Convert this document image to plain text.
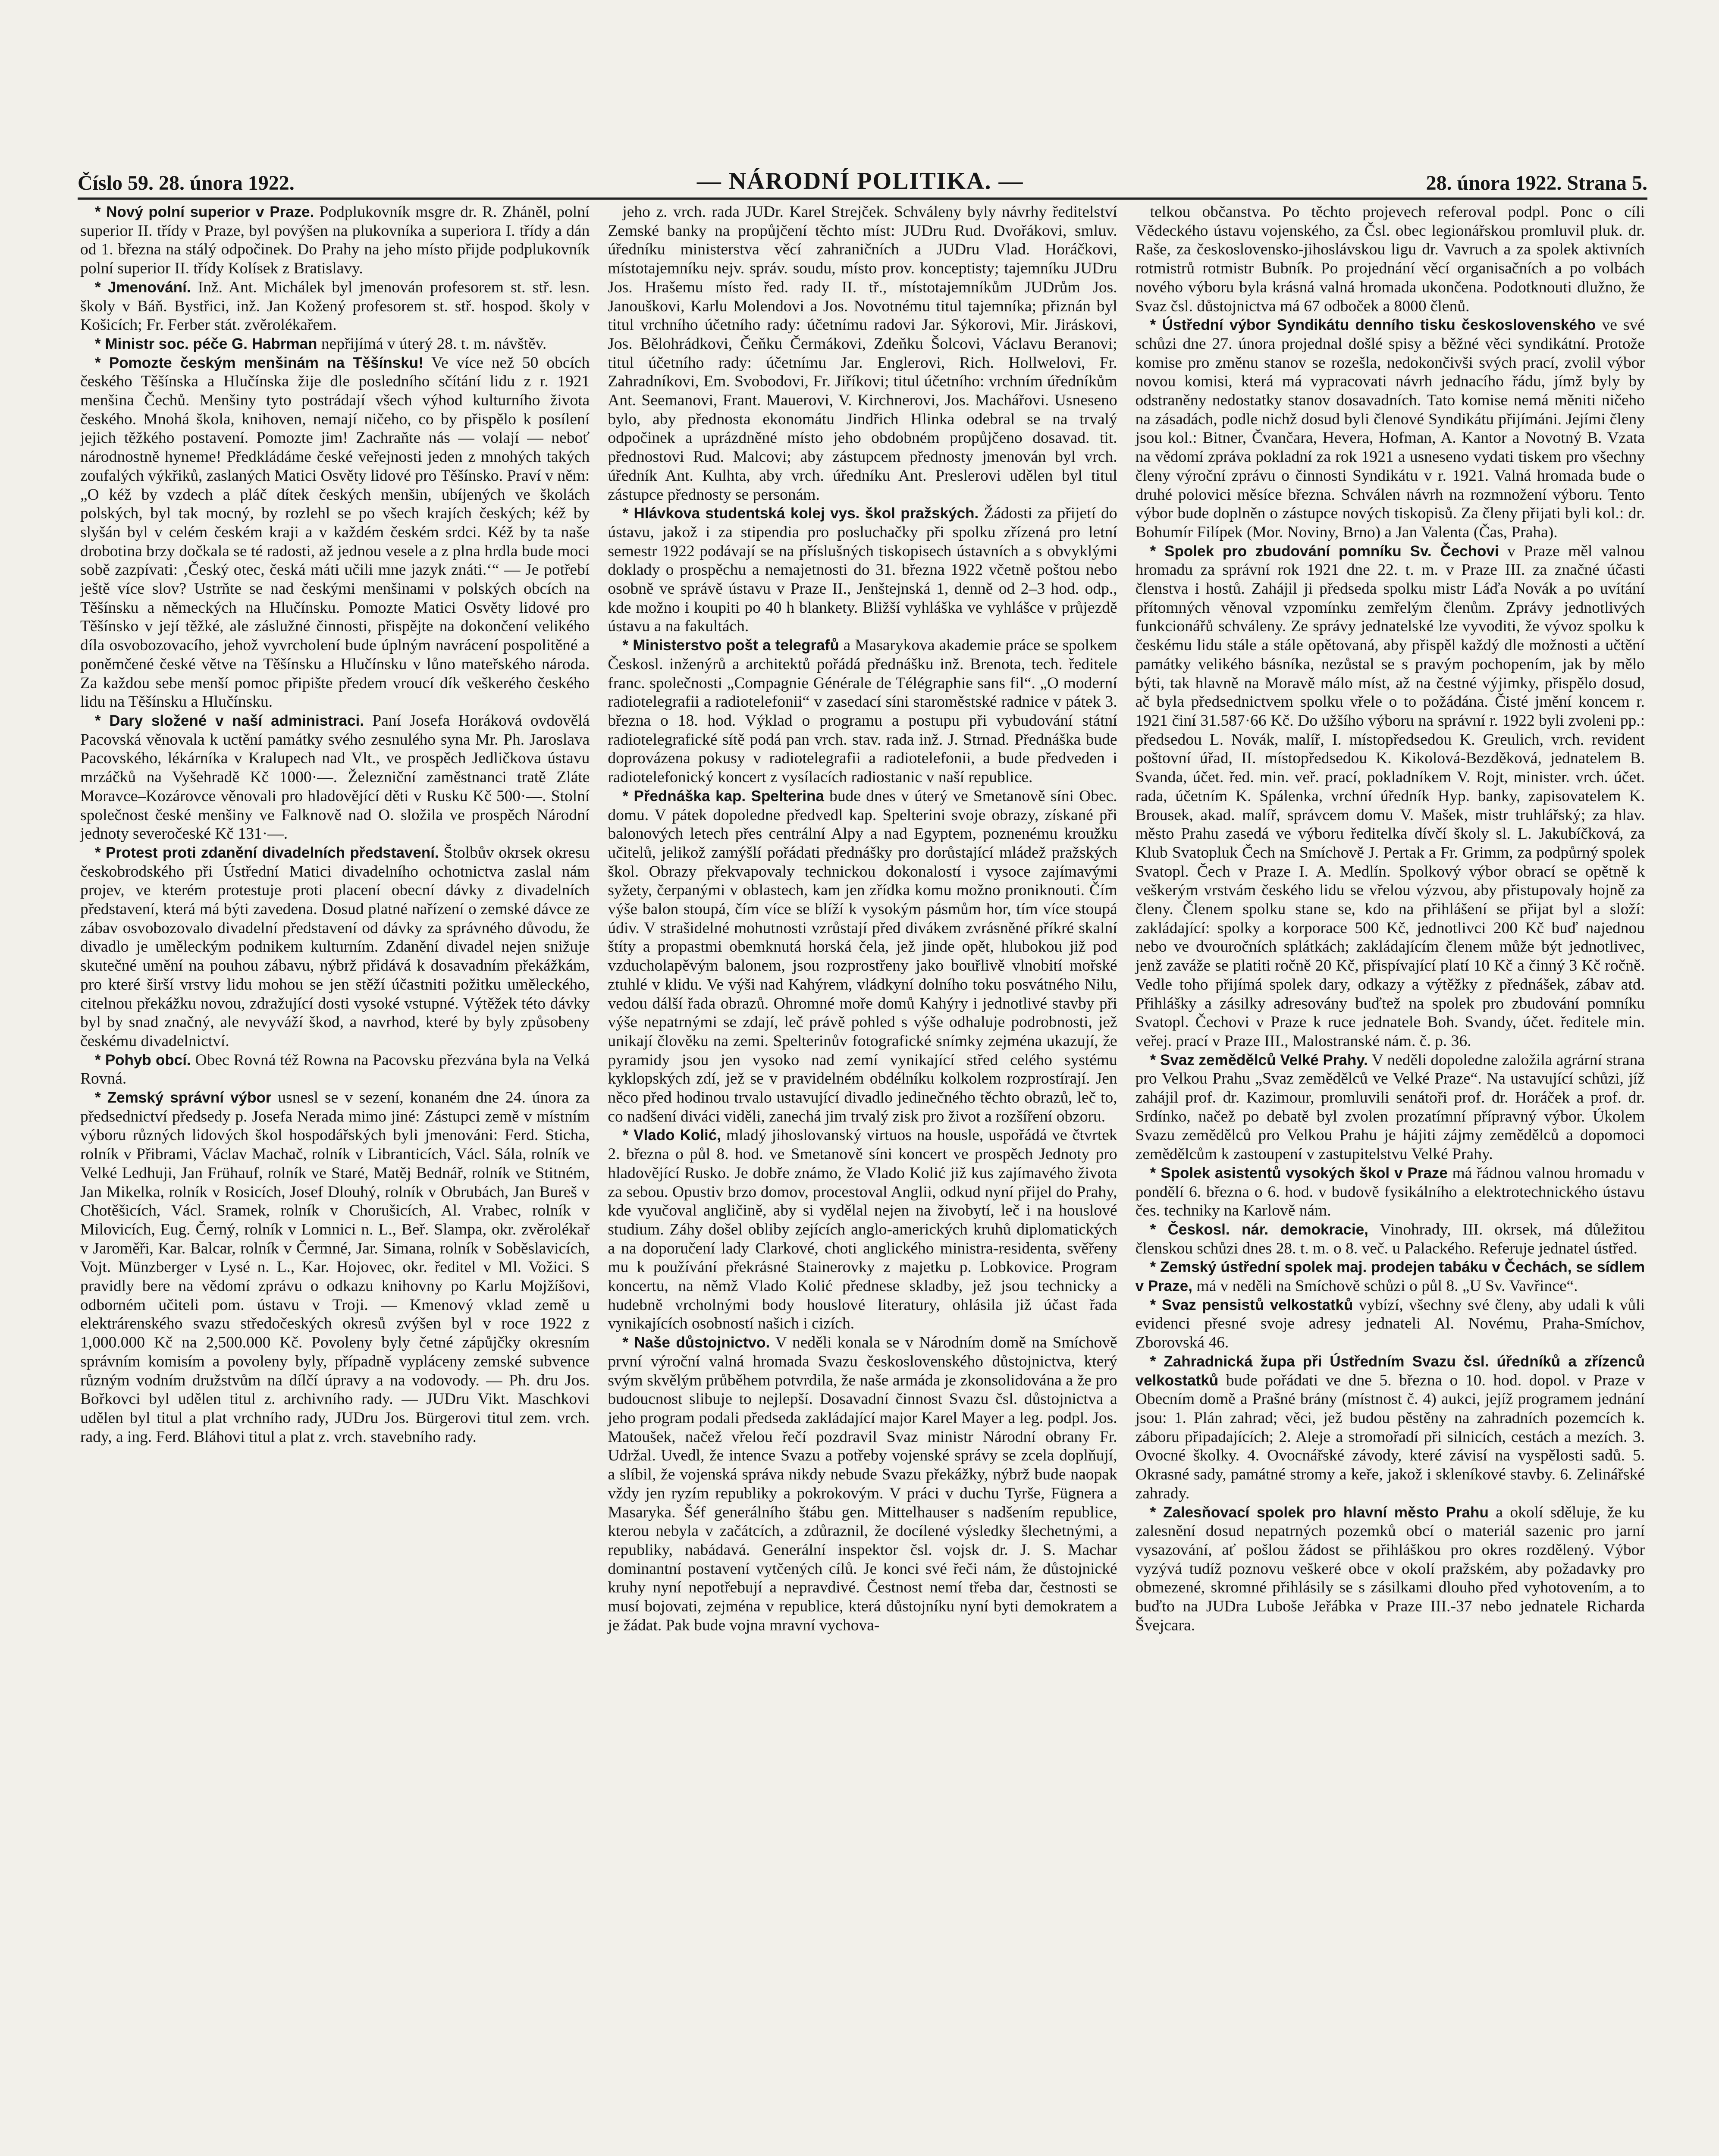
Číslo 59. 28. února 1922.	— NÁRODNÍ POLITIKA. —	28. února 1922. Strana 5.

* Nový polní superior v Praze. Podplukovník msgre dr. R. Zháněl, polní superior II. třídy v Praze, byl povýšen na plukovníka a superiora I. třídy a dán od 1. března na stálý odpočinek. Do Prahy na jeho místo přijde podplukovník polní superior II. třídy Kolísek z Bratislavy.

* Jmenování. Inž. Ant. Michálek byl jmenován profesorem st. stř. lesn. školy v Báň. Bystřici, inž. Jan Kožený profesorem st. stř. hospod. školy v Košicích; Fr. Ferber stát. zvěrolékařem.

* Ministr soc. péče G. Habrman nepřijímá v úterý 28. t. m. návštěv.

* Pomozte českým menšinám na Těšínsku! Ve více než 50 obcích českého Těšínska a Hlučínska žije dle posledního sčítání lidu z r. 1921 menšina Čechů. Menšiny tyto postrádají všech výhod kulturního života českého. Mnohá škola, knihoven, nemají ničeho, co by přispělo k posílení jejich těžkého postavení. Pomozte jim! Zachraňte nás — volají — neboť národnostně hyneme! Předkládáme české veřejnosti jeden z mnohých takých zoufalých výkřiků, zaslaných Matici Osvěty lidové pro Těšínsko. Praví v něm: „O kéž by vzdech a pláč dítek českých menšin, ubíjených ve školách polských, byl tak mocný, by rozlehl se po všech krajích českých; kéž by slyšán byl v celém českém kraji a v každém českém srdci. Kéž by ta naše drobotina brzy dočkala se té radosti, až jednou vesele a z plna hrdla bude moci sobě zazpívati: ‚Český otec, česká máti učili mne jazyk znáti.‘“ — Je potřebí ještě více slov? Ustrňte se nad českými menšinami v polských obcích na Těšínsku a německých na Hlučínsku. Pomozte Matici Osvěty lidové pro Těšínsko v její těžké, ale záslužné činnosti, přispějte na dokončení velikého díla osvobozovacího, jehož vyvrcholení bude úplným navrácení pospolitěné a poněmčené české větve na Těšínsku a Hlučínsku v lůno mateřského národa. Za každou sebe menší pomoc připište předem vroucí dík veškerého českého lidu na Těšínsku a Hlučínsku.

* Dary složené v naší administraci. Paní Josefa Horáková ovdovělá Pacovská věnovala k uctění památky svého zesnulého syna Mr. Ph. Jaroslava Pacovského, lékárníka v Kralupech nad Vlt., ve prospěch Jedličkova ústavu mrzáčků na Vyšehradě Kč 1000·—. Železniční zaměstnanci tratě Zláte Moravce–Kozárovce věnovali pro hladovějící děti v Rusku Kč 500·—. Stolní společnost české menšiny ve Falknově nad O. složila ve prospěch Národní jednoty severočeské Kč 131·—.

* Protest proti zdanění divadelních představení. Štolbův okrsek okresu českobrodského při Ústřední Matici divadelního ochotnictva zaslal nám projev, ve kterém protestuje proti placení obecní dávky z divadelních představení, která má býti zavedena. Dosud platné nařízení o zemské dávce ze zábav osvobozovalo divadelní představení od dávky za správného důvodu, že divadlo je uměleckým podnikem kulturním. Zdanění divadel nejen snižuje skutečné umění na pouhou zábavu, nýbrž přidává k dosavadním překážkám, pro které širší vrstvy lidu mohou se jen stěží účastniti požitku uměleckého, citelnou překážku novou, zdražující dosti vysoké vstupné. Výtěžek této dávky byl by snad značný, ale nevyváží škod, a navrhod, které by byly způsobeny českému divadelnictví.

* Pohyb obcí. Obec Rovná též Rowna na Pacovsku přezvána byla na Velká Rovná.

* Zemský správní výbor usnesl se v sezení, konaném dne 24. února za předsednictví předsedy p. Josefa Nerada mimo jiné: Zástupci země v místním výboru různých lidových škol hospodářských byli jmenováni: Ferd. Sticha, rolník v Přibrami, Václav Machač, rolník v Libranticích, Václ. Sála, rolník ve Velké Ledhuji, Jan Frühauf, rolník ve Staré, Matěj Bednář, rolník ve Stitném, Jan Mikelka, rolník v Rosicích, Josef Dlouhý, rolník v Obrubách, Jan Bureš v Chotěšicích, Václ. Sramek, rolník v Chorušicích, Al. Vrabec, rolník v Milovicích, Eug. Černý, rolník v Lomnici n. L., Beř. Slampa, okr. zvěrolékař v Jaroměři, Kar. Balcar, rolník v Čermné, Jar. Simana, rolník v Soběslavicích, Vojt. Münzberger v Lysé n. L., Kar. Hojovec, okr. ředitel v Ml. Vožici. S pravidly bere na vědomí zprávu o odkazu knihovny po Karlu Mojžíšovi, odborném učiteli pom. ústavu v Troji. — Kmenový vklad země u elektrárenského svazu středočeských okresů zvýšen byl v roce 1922 z 1,000.000 Kč na 2,500.000 Kč. Povoleny byly četné zápůjčky okresním správním komisím a povoleny byly, případně vypláceny zemské subvence různým vodním družstvům na dílčí úpravy a na vodovody. — Ph. dru Jos. Bořkovci byl udělen titul z. archivního rady. — JUDru Vikt. Maschkovi udělen byl titul a plat vrchního rady, JUDru Jos. Bürgerovi titul zem. vrch. rady, a ing. Ferd. Bláhovi titul a plat z. vrch. stavebního rady.

jeho z. vrch. rada JUDr. Karel Strejček. Schváleny byly návrhy ředitelství Zemské banky na propůjčení těchto míst: JUDru Rud. Dvořákovi, smluv. úředníku ministerstva věcí zahraničních a JUDru Vlad. Horáčkovi, místotajemníku nejv. správ. soudu, místo prov. konceptisty; tajemníku JUDru Jos. Hrašemu místo řed. rady II. tř., místotajemníkům JUDrům Jos. Janouškovi, Karlu Molendovi a Jos. Novotnému titul tajemníka; přiznán byl titul vrchního účetního rady: účetnímu radovi Jar. Sýkorovi, Mir. Jiráskovi, Jos. Bělohrádkovi, Čeňku Čermákovi, Zdeňku Šolcovi, Václavu Beranovi; titul účetního rady: účetnímu Jar. Englerovi, Rich. Hollwelovi, Fr. Zahradníkovi, Em. Svobodovi, Fr. Jiříkovi; titul účetního: vrchním úředníkům Ant. Seemanovi, Frant. Mauerovi, V. Kirchnerovi, Jos. Machářovi. Usneseno bylo, aby přednosta ekonomátu Jindřich Hlinka odebral se na trvalý odpočinek a uprázdněné místo jeho obdobném propůjčeno dosavad. tit. přednostovi Rud. Malcovi; aby zástupcem přednosty jmenován byl vrch. úředník Ant. Kulhta, aby vrch. úředníku Ant. Preslerovi udělen byl titul zástupce přednosty se personám.

* Hlávkova studentská kolej vys. škol pražských. Žádosti za přijetí do ústavu, jakož i za stipendia pro posluchačky při spolku zřízená pro letní semestr 1922 podávají se na příslušných tiskopisech ústavních a s obvyklými doklady o prospěchu a nemajetnosti do 31. března 1922 včetně poštou nebo osobně ve správě ústavu v Praze II., Jenštejnská 1, denně od 2–3 hod. odp., kde možno i koupiti po 40 h blankety. Bližší vyhláška ve vyhlášce v průjezdě ústavu a na fakultách.

* Ministerstvo pošt a telegrafů a Masarykova akademie práce se spolkem Českosl. inženýrů a architektů pořádá přednášku inž. Brenota, tech. ředitele franc. společnosti „Compagnie Générale de Télégraphie sans fil“. „O moderní radiotelegrafii a radiotelefonii“ v zasedací síni staroměstské radnice v pátek 3. března o 18. hod. Výklad o programu a postupu při vybudování státní radiotelegrafické sítě podá pan vrch. stav. rada inž. J. Strnad. Přednáška bude doprovázena pokusy v radiotelegrafii a radiotelefonii, a bude předveden i radiotelefonický koncert z vysílacích radiostanic v naší republice.

* Přednáška kap. Spelterina bude dnes v úterý ve Smetanově síni Obec. domu. V pátek dopoledne předvedl kap. Spelterini svoje obrazy, získané při balonových letech přes centrální Alpy a nad Egyptem, poznenému kroužku učitelů, jelikož zamýšlí pořádati přednášky pro dorůstající mládež pražských škol. Obrazy překvapovaly technickou dokonalostí i vysoce zajímavými syžety, čerpanými v oblastech, kam jen zřídka komu možno proniknouti. Čím výše balon stoupá, čím více se blíží k vysokým pásmům hor, tím více stoupá údiv. V strašidelné mohutnosti vzrůstají před divákem zvrásněné příkré skalní štíty a propastmi obemknutá horská čela, jež jinde opět, hlubokou již pod vzducholapěvým balonem, jsou rozprostřeny jako bouřlivě vlnobití mořské ztuhlé v klidu. Ve výši nad Kahýrem, vládkyní dolního toku posvátného Nilu, vedou dálší řada obrazů. Ohromné moře domů Kahýry i jednotlivé stavby při výše nepatrnými se zdají, leč právě pohled s výše odhaluje podrobnosti, jež unikají člověku na zemi. Spelterinův fotografické snímky zejména ukazují, že pyramidy jsou jen vysoko nad zemí vynikající střed celého systému kyklopských zdí, jež se v pravidelném obdélníku kolkolem rozprostírají. Jen něco před hodinou trvalo ustavující divadlo jedinečného těchto obrazů, leč to, co nadšení diváci viděli, zanechá jim trvalý zisk pro život a rozšíření obzoru.

* Vlado Kolić, mladý jihoslovanský virtuos na housle, uspořádá ve čtvrtek 2. března o půl 8. hod. ve Smetanově síni koncert ve prospěch Jednoty pro hladovějící Rusko. Je dobře známo, že Vlado Kolić již kus zajímavého života za sebou. Opustiv brzo domov, procestoval Anglii, odkud nyní přijel do Prahy, kde vyučoval angličině, aby si vydělal nejen na živobytí, leč i na houslové studium. Záhy došel obliby zejících anglo-amerických kruhů diplomatických a na doporučení lady Clarkové, choti anglického ministra-residenta, svěřeny mu k používání překrásné Stainerovky z majetku p. Lobkovice. Program koncertu, na němž Vlado Kolić přednese skladby, jež jsou technicky a hudebně vrcholnými body houslové literatury, ohlásila již účast řada vynikajících osobností našich i cizích.

* Naše důstojnictvo. V neděli konala se v Národním domě na Smíchově první výroční valná hromada Svazu československého důstojnictva, který svým skvělým průběhem potvrdila, že naše armáda je zkonsolidována a že pro budoucnost slibuje to nejlepší. Dosavadní činnost Svazu čsl. důstojnictva a jeho program podali předseda zakládající major Karel Mayer a leg. podpl. Jos. Matoušek, načež vřelou řečí pozdravil Svaz ministr Národní obrany Fr. Udržal. Uvedl, že intence Svazu a potřeby vojenské správy se zcela doplňují, a slíbil, že vojenská správa nikdy nebude Svazu překážky, nýbrž bude naopak vždy jen ryzím republiky a pokrokovým. V práci v duchu Tyrše, Fügnera a Masaryka. Šéf generálního štábu gen. Mittelhauser s nadšením republice, kterou nebyla v začátcích, a zdůraznil, že docílené výsledky šlechetnými, a republiky, nabádavá. Generální inspektor čsl. vojsk dr. J. S. Machar dominantní postavení vytčených cílů. Je konci své řeči nám, že důstojnické kruhy nyní nepotřebují a nepravdivé. Čestnost nemí třeba dar, čestnosti se musí bojovati, zejména v republice, která důstojníku nyní byti demokratem a je žádat. Pak bude vojna mravní vychova-

telkou občanstva. Po těchto projevech referoval podpl. Ponc o cíli Vědeckého ústavu vojenského, za Čsl. obec legionářskou promluvil pluk. dr. Raše, za československo-jihoslávskou ligu dr. Vavruch a za spolek aktivních rotmistrů rotmistr Bubník. Po projednání věcí organisačních a po volbách nového výboru byla krásná valná hromada ukončena. Podotknouti dlužno, že Svaz čsl. důstojnictva má 67 odboček a 8000 členů.

* Ústřední výbor Syndikátu denního tisku československého ve své schůzi dne 27. února projednal došlé spisy a běžné věci syndikátní. Protože komise pro změnu stanov se rozešla, nedokončivši svých prací, zvolil výbor novou komisi, která má vypracovati návrh jednacího řádu, jímž byly by odstraněny nedostatky stanov dosavadních. Tato komise nemá měniti ničeho na zásadách, podle nichž dosud byli členové Syndikátu přijímáni. Jejími členy jsou kol.: Bitner, Čvančara, Hevera, Hofman, A. Kantor a Novotný B. Vzata na vědomí zpráva pokladní za rok 1921 a usneseno vydati tiskem pro všechny členy výroční zprávu o činnosti Syndikátu v r. 1921. Valná hromada bude o druhé polovici měsíce března. Schválen návrh na rozmnožení výboru. Tento výbor bude doplněn o zástupce nových tiskopisů. Za členy přijati byli kol.: dr. Bohumír Filípek (Mor. Noviny, Brno) a Jan Valenta (Čas, Praha).

* Spolek pro zbudování pomníku Sv. Čechovi v Praze měl valnou hromadu za správní rok 1921 dne 22. t. m. v Praze III. za značné účasti členstva i hostů. Zahájil ji předseda spolku mistr Láďa Novák a po uvítání přítomných věnoval vzpomínku zemřelým členům. Zprávy jednotlivých funkcionářů schváleny. Ze správy jednatelské lze vyvoditi, že vývoz spolku k českému lidu stále a stále opětovaná, aby přispěl každý dle možnosti a učtění památky velikého básníka, nezůstal se s pravým pochopením, jak by mělo býti, tak hlavně na Moravě málo míst, až na čestné výjimky, přispělo dosud, ač byla předsednictvem spolku vřele o to požádána. Čisté jmění koncem r. 1921 činí 31.587·66 Kč. Do užšího výboru na správní r. 1922 byli zvoleni pp.: předsedou L. Novák, malíř, I. místopředsedou K. Greulich, vrch. revident poštovní úřad, II. místopředsedou K. Kikolová-Bezděková, jednatelem B. Svanda, účet. řed. min. veř. prací, pokladníkem V. Rojt, minister. vrch. účet. rada, účetním K. Spálenka, vrchní úředník Hyp. banky, zapisovatelem K. Brousek, akad. malíř, správcem domu V. Mašek, mistr truhlářský; za hlav. město Prahu zasedá ve výboru ředitelka dívčí školy sl. L. Jakubíčková, za Klub Svatopluk Čech na Smíchově J. Pertak a Fr. Grimm, za podpůrný spolek Svatopl. Čech v Praze I. A. Medlín. Spolkový výbor obrací se opětně k veškerým vrstvám českého lidu se vřelou výzvou, aby přistupovaly hojně za členy. Členem spolku stane se, kdo na přihlášení se přijat byl a složí: zakládající: spolky a korporace 500 Kč, jednotlivci 200 Kč buď najednou nebo ve dvouročních splátkách; zakládajícím členem může být jednotlivec, jenž zaváže se platiti ročně 20 Kč, přispívající platí 10 Kč a činný 3 Kč ročně. Vedle toho přijímá spolek dary, odkazy a výtěžky z přednášek, zábav atd. Přihlášky a zásilky adresovány buďtež na spolek pro zbudování pomníku Svatopl. Čechovi v Praze k ruce jednatele Boh. Svandy, účet. ředitele min. veřej. prací v Praze III., Malostranské nám. č. p. 36.

* Svaz zemědělců Velké Prahy. V neděli dopoledne založila agrární strana pro Velkou Prahu „Svaz zemědělců ve Velké Praze“. Na ustavující schůzi, jíž zahájil prof. dr. Kazimour, promluvili senátoři prof. dr. Horáček a prof. dr. Srdínko, načež po debatě byl zvolen prozatímní přípravný výbor. Úkolem Svazu zemědělců pro Velkou Prahu je hájiti zájmy zemědělců a dopomoci zemědělcům k zastoupení v zastupitelstvu Velké Prahy.

* Spolek asistentů vysokých škol v Praze má řádnou valnou hromadu v pondělí 6. března o 6. hod. v budově fysikálního a elektrotechnického ústavu čes. techniky na Karlově nám.

* Českosl. nár. demokracie, Vinohrady, III. okrsek, má důležitou členskou schůzi dnes 28. t. m. o 8. več. u Palackého. Referuje jednatel ústřed.

* Zemský ústřední spolek maj. prodejen tabáku v Čechách, se sídlem v Praze, má v neděli na Smíchově schůzi o půl 8. „U Sv. Vavřince“.

* Svaz pensistů velkostatků vybízí, všechny své členy, aby udali k vůli evidenci přesné svoje adresy jednateli Al. Novému, Praha-Smíchov, Zborovská 46.

* Zahradnická župa při Ústředním Svazu čsl. úředníků a zřízenců velkostatků bude pořádati ve dne 5. března o 10. hod. dopol. v Praze v Obecním domě a Prašné brány (místnost č. 4) aukci, jejíž programem jednání jsou: 1. Plán zahrad; věci, jež budou pěstěny na zahradních pozemcích k. záboru připadajících; 2. Aleje a stromořadí při silnicích, cestách a mezích. 3. Ovocné školky. 4. Ovocnářské závody, které závisí na vyspělosti sadů. 5. Okrasné sady, památné stromy a keře, jakož i skleníkové stavby. 6. Zelinářské zahrady.

* Zalesňovací spolek pro hlavní město Prahu a okolí sděluje, že ku zalesnění dosud nepatrných pozemků obcí o materiál sazenic pro jarní vysazování, ať pošlou žádost se přihláškou pro okres rozdělený. Výbor vyzývá tudíž poznovu veškeré obce v okolí pražském, aby požadavky pro obmezené, skromné přihlásily se s zásilkami dlouho před vyhotovením, a to buďto na JUDra Luboše Jeřábka v Praze III.-37 nebo jednatele Richarda Švejcara.
